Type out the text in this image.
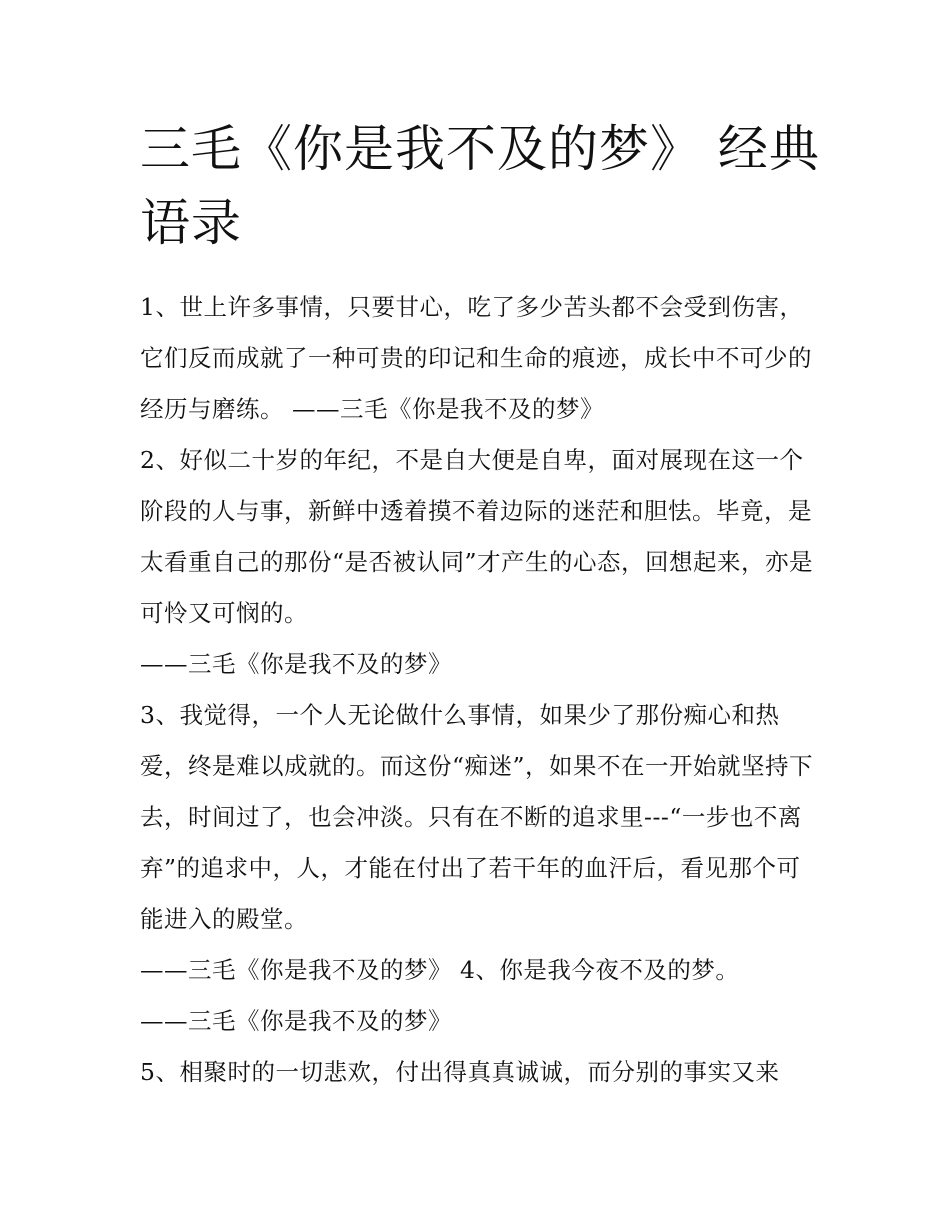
三毛《你是我不及的梦》 经典语录

1、世上许多事情，只要甘心，吃了多少苦头都不会受到伤害，它们反而成就了一种可贵的印记和生命的痕迹，成长中不可少的经历与磨练。 ——三毛《你是我不及的梦》

2、好似二十岁的年纪，不是自大便是自卑，面对展现在这一个阶段的人与事，新鲜中透着摸不着边际的迷茫和胆怯。毕竟，是太看重自己的那份“是否被认同”才产生的心态，回想起来，亦是可怜又可悯的。

——三毛《你是我不及的梦》

3、我觉得，一个人无论做什么事情，如果少了那份痴心和热爱，终是难以成就的。而这份“痴迷”，如果不在一开始就坚持下去，时间过了，也会冲淡。只有在不断的追求里---“一步也不离弃”的追求中，人，才能在付出了若干年的血汗后，看见那个可能进入的殿堂。

——三毛《你是我不及的梦》 4、你是我今夜不及的梦。

——三毛《你是我不及的梦》

5、相聚时的一切悲欢，付出得真真诚诚，而分别的事实又来
